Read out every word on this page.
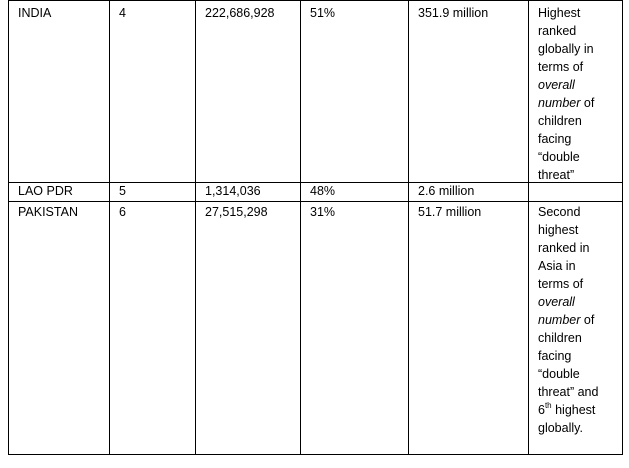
INDIA	4	222,686,928	51%	351.9 million	Highest
ranked
globally in
terms of
overall
number of
children
facing
“double
threat”
LAO PDR	5	1,314,036	48%	2.6 million
PAKISTAN	6	27,515,298	31%	51.7 million	Second
highest
ranked in
Asia in
terms of
overall
number of
children
facing
“double
threat” and
6th highest
globally.
